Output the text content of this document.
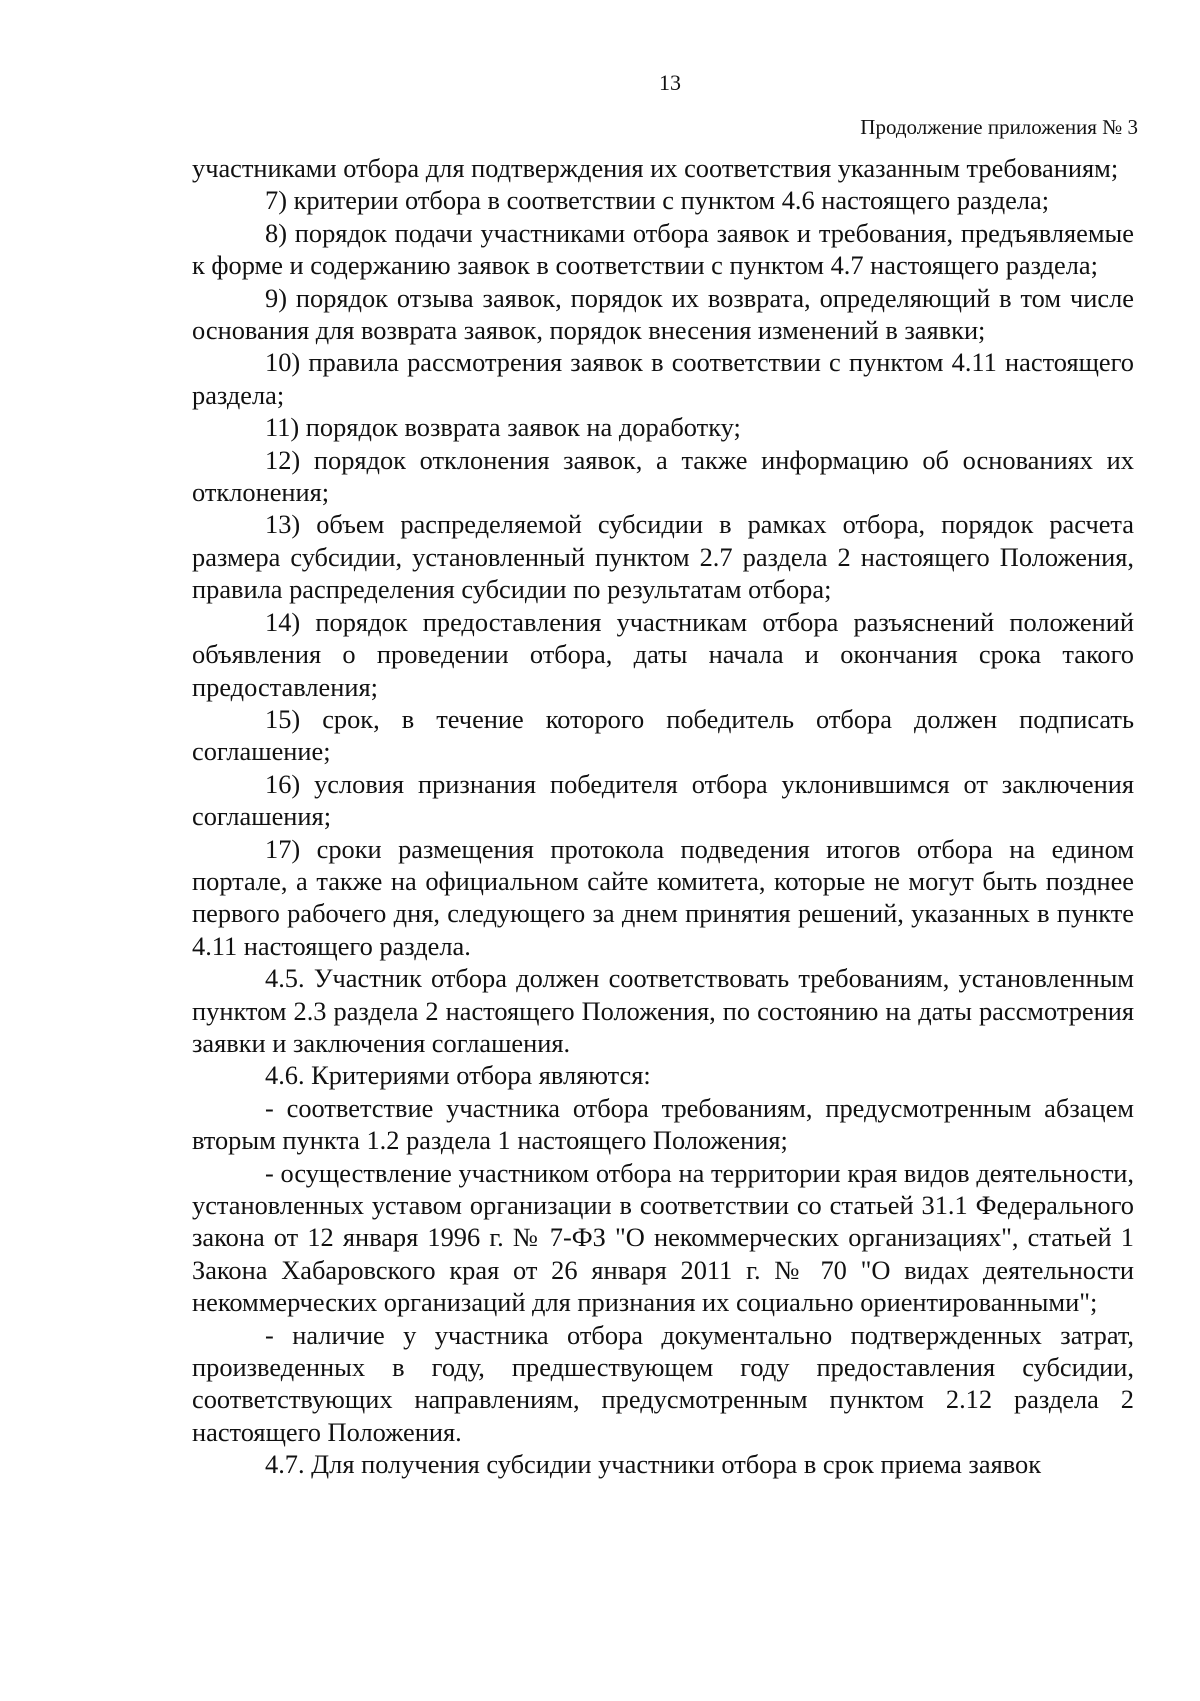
13
Продолжение приложения № 3

участниками отбора для подтверждения их соответствия указанным требованиям;

7) критерии отбора в соответствии с пунктом 4.6 настоящего раздела;

8) порядок подачи участниками отбора заявок и требования, предъявляемые к форме и содержанию заявок в соответствии с пунктом 4.7 настоящего раздела;

9) порядок отзыва заявок, порядок их возврата, определяющий в том числе основания для возврата заявок, порядок внесения изменений в заявки;

10) правила рассмотрения заявок в соответствии с пунктом 4.11 настоящего раздела;

11) порядок возврата заявок на доработку;

12) порядок отклонения заявок, а также информацию об основаниях их отклонения;

13) объем распределяемой субсидии в рамках отбора, порядок расчета размера субсидии, установленный пунктом 2.7 раздела 2 настоящего Положения, правила распределения субсидии по результатам отбора;

14) порядок предоставления участникам отбора разъяснений положений объявления о проведении отбора, даты начала и окончания срока такого предоставления;

15) срок, в течение которого победитель отбора должен подписать соглашение;

16) условия признания победителя отбора уклонившимся от заключения соглашения;

17) сроки размещения протокола подведения итогов отбора на едином портале, а также на официальном сайте комитета, которые не могут быть позднее первого рабочего дня, следующего за днем принятия решений, указанных в пункте 4.11 настоящего раздела.

4.5. Участник отбора должен соответствовать требованиям, установленным пунктом 2.3 раздела 2 настоящего Положения, по состоянию на даты рассмотрения заявки и заключения соглашения.

4.6. Критериями отбора являются:

- соответствие участника отбора требованиям, предусмотренным абзацем вторым пункта 1.2 раздела 1 настоящего Положения;

- осуществление участником отбора на территории края видов деятельности, установленных уставом организации в соответствии со статьей 31.1 Федерального закона от 12 января 1996 г. № 7-ФЗ "О некоммерческих организациях", статьей 1 Закона Хабаровского края от 26 января 2011 г. № 70 "О видах деятельности некоммерческих организаций для признания их социально ориентированными";

- наличие у участника отбора документально подтвержденных затрат, произведенных в году, предшествующем году предоставления субсидии, соответствующих направлениям, предусмотренным пунктом 2.12 раздела 2 настоящего Положения.

4.7. Для получения субсидии участники отбора в срок приема заявок
